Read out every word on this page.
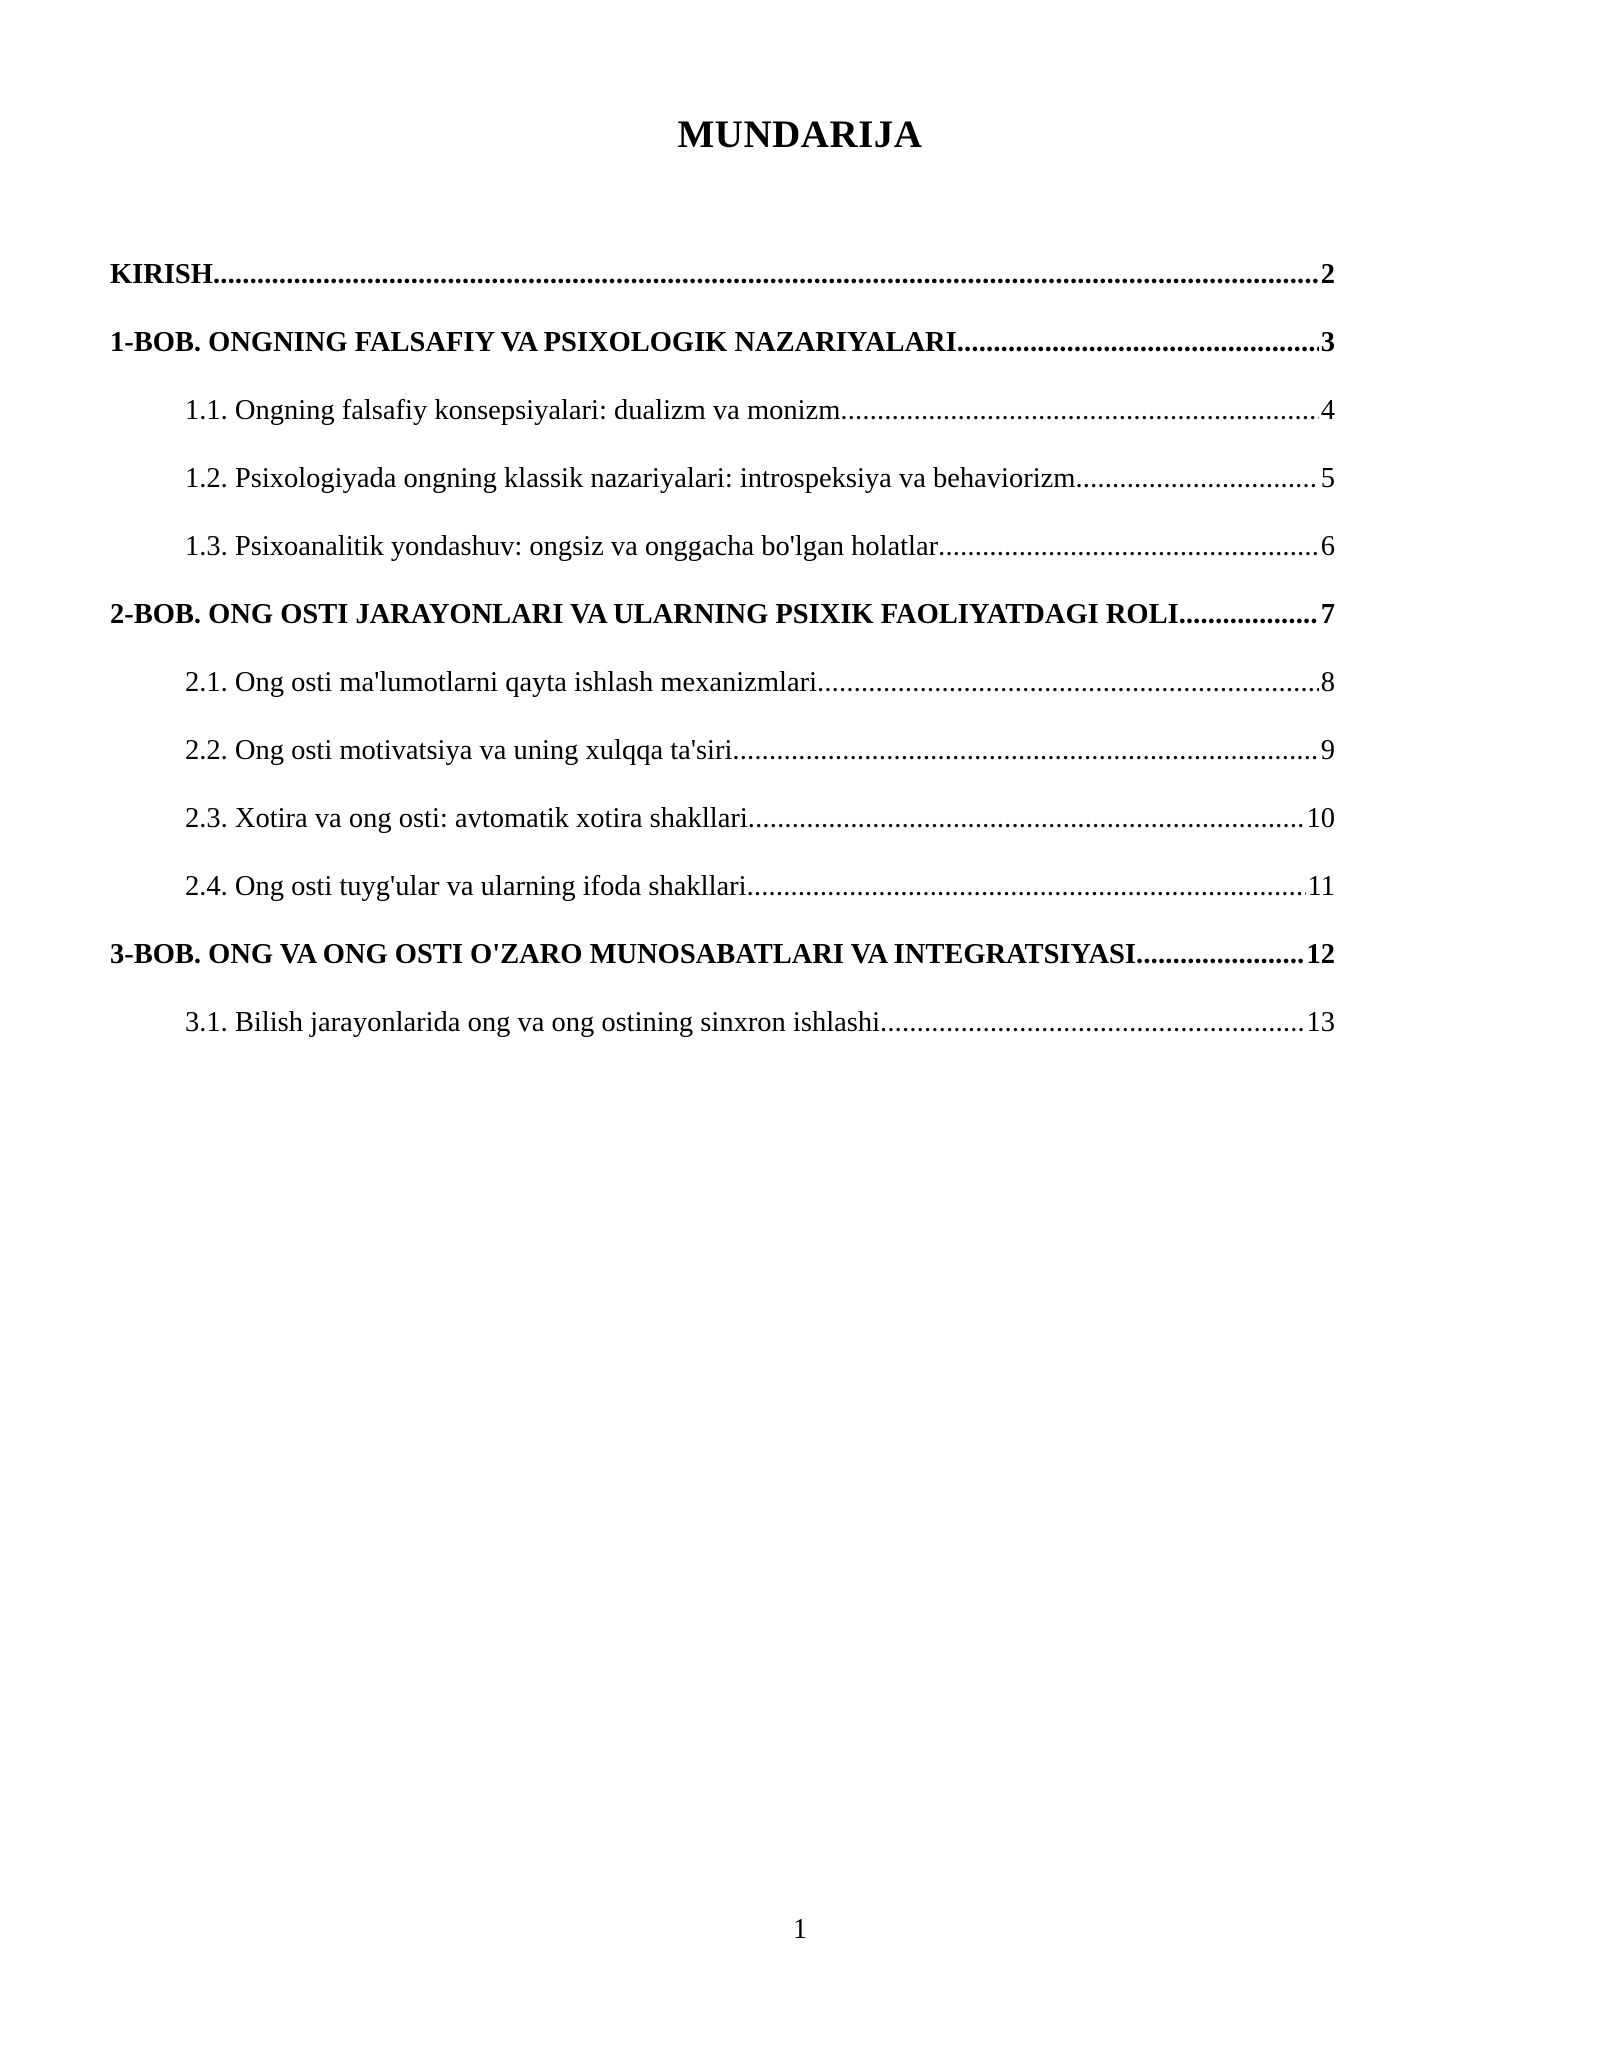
MUNDARIJA
KIRISH .....	2
1-BOB. ONGNING FALSAFIY VA PSIXOLOGIK NAZARIYALARI .....	3
1.1. Ongning falsafiy konsepsiyalari: dualizm va monizm .....	4
1.2. Psixologiyada ongning klassik nazariyalari: introspeksiya va behaviorizm .....	5
1.3. Psixoanalitik yondashuv: ongsiz va onggacha bo'lgan holatlar .....	6
2-BOB. ONG OSTI JARAYONLARI VA ULARNING PSIXIK FAOLIYATDAGI ROLI. .....	7
2.1. Ong osti ma'lumotlarni qayta ishlash mexanizmlari .....	8
2.2. Ong osti motivatsiya va uning xulqqa ta'siri .....	9
2.3. Xotira va ong osti: avtomatik xotira shakllari .....	10
2.4. Ong osti tuyg'ular va ularning ifoda shakllari .....	11
3-BOB. ONG VA ONG OSTI O'ZARO MUNOSABATLARI VA INTEGRATSIYASI .....	12
3.1. Bilish jarayonlarida ong va ong ostining sinxron ishlashi .....	13
1
